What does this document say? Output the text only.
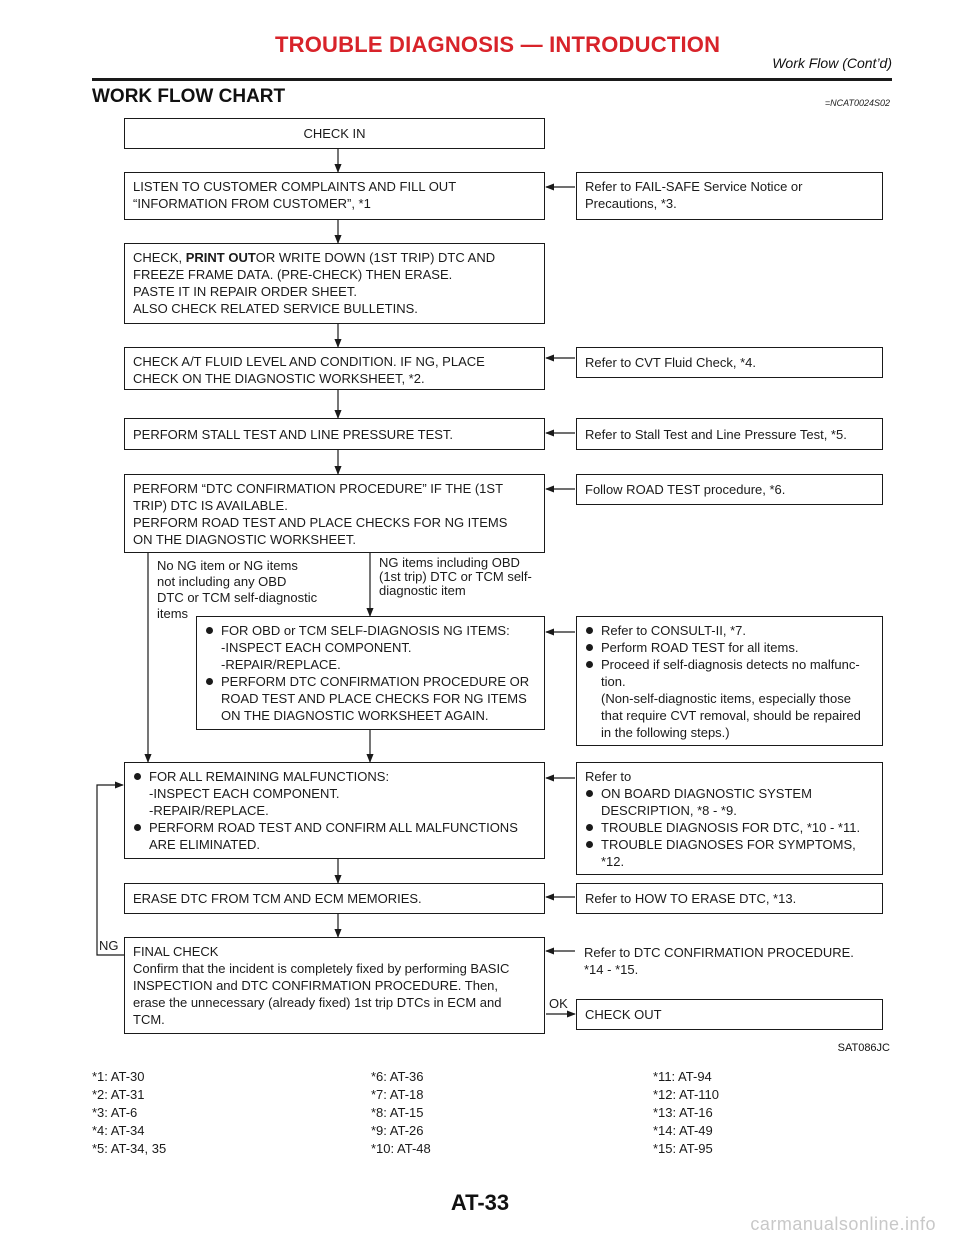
TROUBLE DIAGNOSIS — INTRODUCTION
Work Flow (Cont’d)
WORK FLOW CHART	=NCAT0024S02
CHECK IN
LISTEN TO CUSTOMER COMPLAINTS AND FILL OUT
“INFORMATION FROM CUSTOMER”, *1
Refer to FAIL-SAFE Service Notice or
Precautions, *3.
CHECK, PRINT OUTOR WRITE DOWN (1ST TRIP) DTC AND
FREEZE FRAME DATA. (PRE-CHECK) THEN ERASE.
PASTE IT IN REPAIR ORDER SHEET.
ALSO CHECK RELATED SERVICE BULLETINS.
CHECK A/T FLUID LEVEL AND CONDITION. IF NG, PLACE
CHECK ON THE DIAGNOSTIC WORKSHEET, *2.
Refer to CVT Fluid Check, *4.
PERFORM STALL TEST AND LINE PRESSURE TEST.	Refer to Stall Test and Line Pressure Test, *5.
PERFORM “DTC CONFIRMATION PROCEDURE” IF THE (1ST
TRIP) DTC IS AVAILABLE.
PERFORM ROAD TEST AND PLACE CHECKS FOR NG ITEMS
ON THE DIAGNOSTIC WORKSHEET.
Follow ROAD TEST procedure, *6.
No NG item or NG items
not including any OBD
DTC or TCM self-diagnostic
items
NG items including OBD
(1st trip) DTC or TCM self-
diagnostic item
FOR OBD or TCM SELF-DIAGNOSIS NG ITEMS:
-INSPECT EACH COMPONENT.
-REPAIR/REPLACE.
PERFORM DTC CONFIRMATION PROCEDURE OR
ROAD TEST AND PLACE CHECKS FOR NG ITEMS
ON THE DIAGNOSTIC WORKSHEET AGAIN.
Refer to CONSULT-II, *7.
Perform ROAD TEST for all items.
Proceed if self-diagnosis detects no malfunc-
tion.
(Non-self-diagnostic items, especially those
that require CVT removal, should be repaired
in the following steps.)
FOR ALL REMAINING MALFUNCTIONS:
-INSPECT EACH COMPONENT.
-REPAIR/REPLACE.
PERFORM ROAD TEST AND CONFIRM ALL MALFUNCTIONS
ARE ELIMINATED.
Refer to
ON BOARD DIAGNOSTIC SYSTEM
DESCRIPTION, *8 - *9.
TROUBLE DIAGNOSIS FOR DTC, *10 - *11.
TROUBLE DIAGNOSES FOR SYMPTOMS,
*12.
ERASE DTC FROM TCM AND ECM MEMORIES.	Refer to HOW TO ERASE DTC, *13.
NG FINAL CHECK
Confirm that the incident is completely fixed by performing BASIC
INSPECTION and DTC CONFIRMATION PROCEDURE. Then,
erase the unnecessary (already fixed) 1st trip DTCs in ECM and
TCM.
Refer to DTC CONFIRMATION PROCEDURE.
*14 - *15.
OK
CHECK OUT
SAT086JC
*1: AT-30
*2: AT-31
*3: AT-6
*4: AT-34
*5: AT-34, 35
*6: AT-36
*7: AT-18
*8: AT-15
*9: AT-26
*10: AT-48
*11: AT-94
*12: AT-110
*13: AT-16
*14: AT-49
*15: AT-95
AT-33
carmanualsonline.info
